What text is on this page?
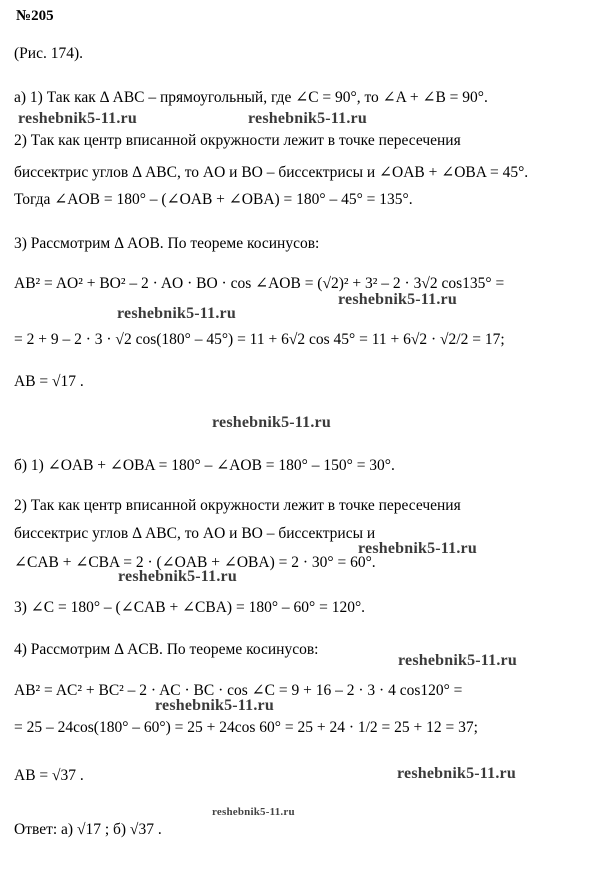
№205
(Рис. 174).
а) 1) Так как Δ ABC – прямоугольный, где ∠C = 90°, то ∠A + ∠B = 90°.
2) Так как центр вписанной окружности лежит в точке пересечения
биссектрис углов Δ ABC, то AO и BO – биссектрисы и ∠OAB + ∠OBA = 45°.
Тогда ∠AOB = 180° – (∠OAB + ∠OBA) = 180° – 45° = 135°.
3) Рассмотрим Δ AOB. По теореме косинусов:
AB² = AO² + BO² – 2 · AO · BO · cos ∠AOB = (√2)² + 3² – 2 · 3√2 cos135° =
= 2 + 9 – 2 · 3 · √2 cos(180° – 45°) = 11 + 6√2 cos 45° = 11 + 6√2 · √2/2 = 17;
AB = √17 .
б) 1) ∠OAB + ∠OBA = 180° – ∠AOB = 180° – 150° = 30°.
2) Так как центр вписанной окружности лежит в точке пересечения
биссектрис углов Δ ABC, то AO и BO – биссектрисы и
∠CAB + ∠CBA = 2 · (∠OAB + ∠OBA) = 2 · 30° = 60°.
3) ∠C = 180° – (∠CAB + ∠CBA) = 180° – 60° = 120°.
4) Рассмотрим Δ ACB. По теореме косинусов:
AB² = AC² + BC² – 2 · AC · BC · cos ∠C = 9 + 16 – 2 · 3 · 4 cos120° =
= 25 – 24cos(180° – 60°) = 25 + 24cos 60° = 25 + 24 · 1/2 = 25 + 12 = 37;
AB = √37 .
Ответ: а) √17 ; б) √37 .
reshebnik5-11.ru	reshebnik5-11.ru
reshebnik5-11.ru
reshebnik5-11.ru
reshebnik5-11.ru
reshebnik5-11.ru
reshebnik5-11.ru
reshebnik5-11.ru
reshebnik5-11.ru
reshebnik5-11.ru
reshebnik5-11.ru
